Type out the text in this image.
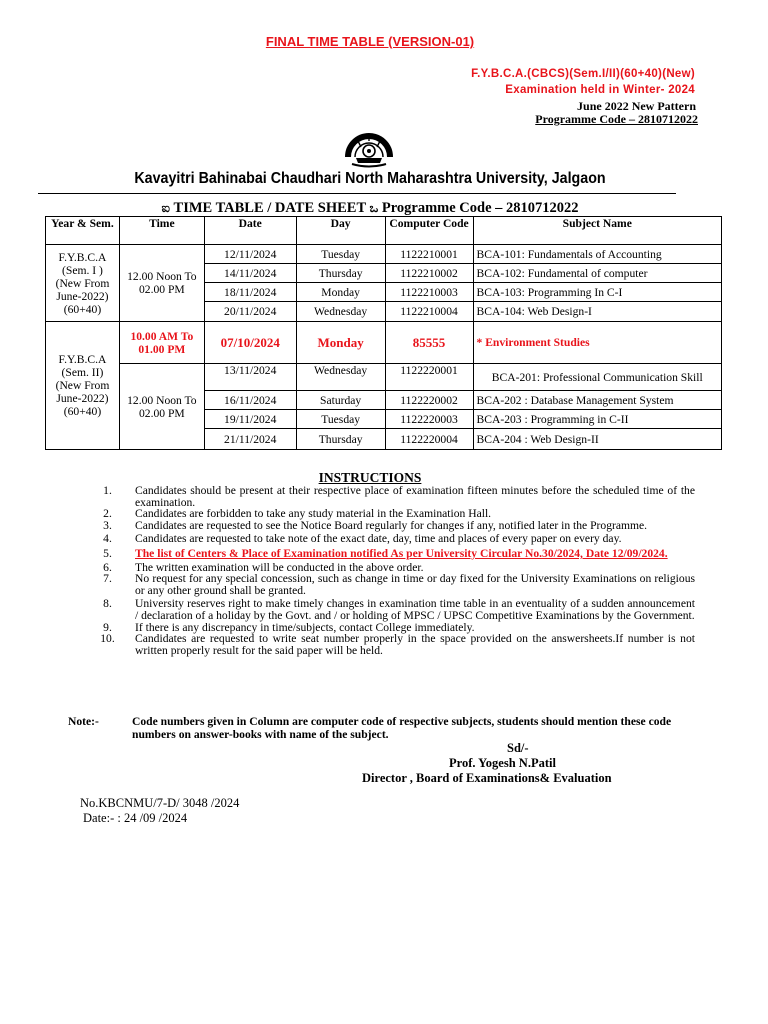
FINAL TIME TABLE (VERSION-01)
F.Y.B.C.A.(CBCS)(Sem.I/II)(60+40)(New)
Examination held in Winter- 2024
June 2022 New Pattern
Programme Code – 2810712022
Kavayitri Bahinabai Chaudhari North Maharashtra University, Jalgaon
ಐ TIME TABLE / DATE SHEET ಒ Programme Code – 2810712022
Year & Sem.	Time	Date	Day	Computer Code	Subject Name
F.Y.B.C.A (Sem. I ) (New From June-2022) (60+40)	12.00 Noon To 02.00 PM	12/11/2024	Tuesday	1122210001	BCA-101: Fundamentals of Accounting
		14/11/2024	Thursday	1122210002	BCA-102: Fundamental of computer
		18/11/2024	Monday	1122210003	BCA-103: Programming In C-I
		20/11/2024	Wednesday	1122210004	BCA-104: Web Design-I
F.Y.B.C.A (Sem. II) (New From June-2022) (60+40)	10.00 AM To 01.00 PM	07/10/2024	Monday	85555	* Environment Studies
	12.00 Noon To 02.00 PM	13/11/2024	Wednesday	1122220001	BCA-201: Professional Communication Skill
		16/11/2024	Saturday	1122220002	BCA-202 : Database Management System
		19/11/2024	Tuesday	1122220003	BCA-203 : Programming in C-II
		21/11/2024	Thursday	1122220004	BCA-204 : Web Design-II
INSTRUCTIONS
1.	Candidates should be present at their respective place of examination fifteen minutes before the scheduled time of the examination.
2.	Candidates are forbidden to take any study material in the Examination Hall.
3.	Candidates are requested to see the Notice Board regularly for changes if any, notified later in the Programme.
4.	Candidates are requested to take note of the exact date, day, time and places of every paper on every day.
5.	The list of Centers & Place of Examination notified As per University Circular No.30/2024, Date 12/09/2024.
6.	The written examination will be conducted in the above order.
7.	No request for any special concession, such as change in time or day fixed for the University Examinations on religious or any other ground shall be granted.
8.	University reserves right to make timely changes in examination time table in an eventuality of a sudden announcement / declaration of a holiday by the Govt. and / or holding of MPSC / UPSC Competitive Examinations by the Government.
9.	If there is any discrepancy in time/subjects, contact College immediately.
10.	Candidates are requested to write seat number properly in the space provided on the answersheets.If number is not written properly result for the said paper will be held.
Note:-	Code numbers given in Column are computer code of respective subjects, students should mention these code numbers on answer-books with name of the subject.
Sd/-
Prof. Yogesh N.Patil
Director , Board of Examinations& Evaluation
No.KBCNMU/7-D/ 3048 /2024
Date:- : 24 /09 /2024
